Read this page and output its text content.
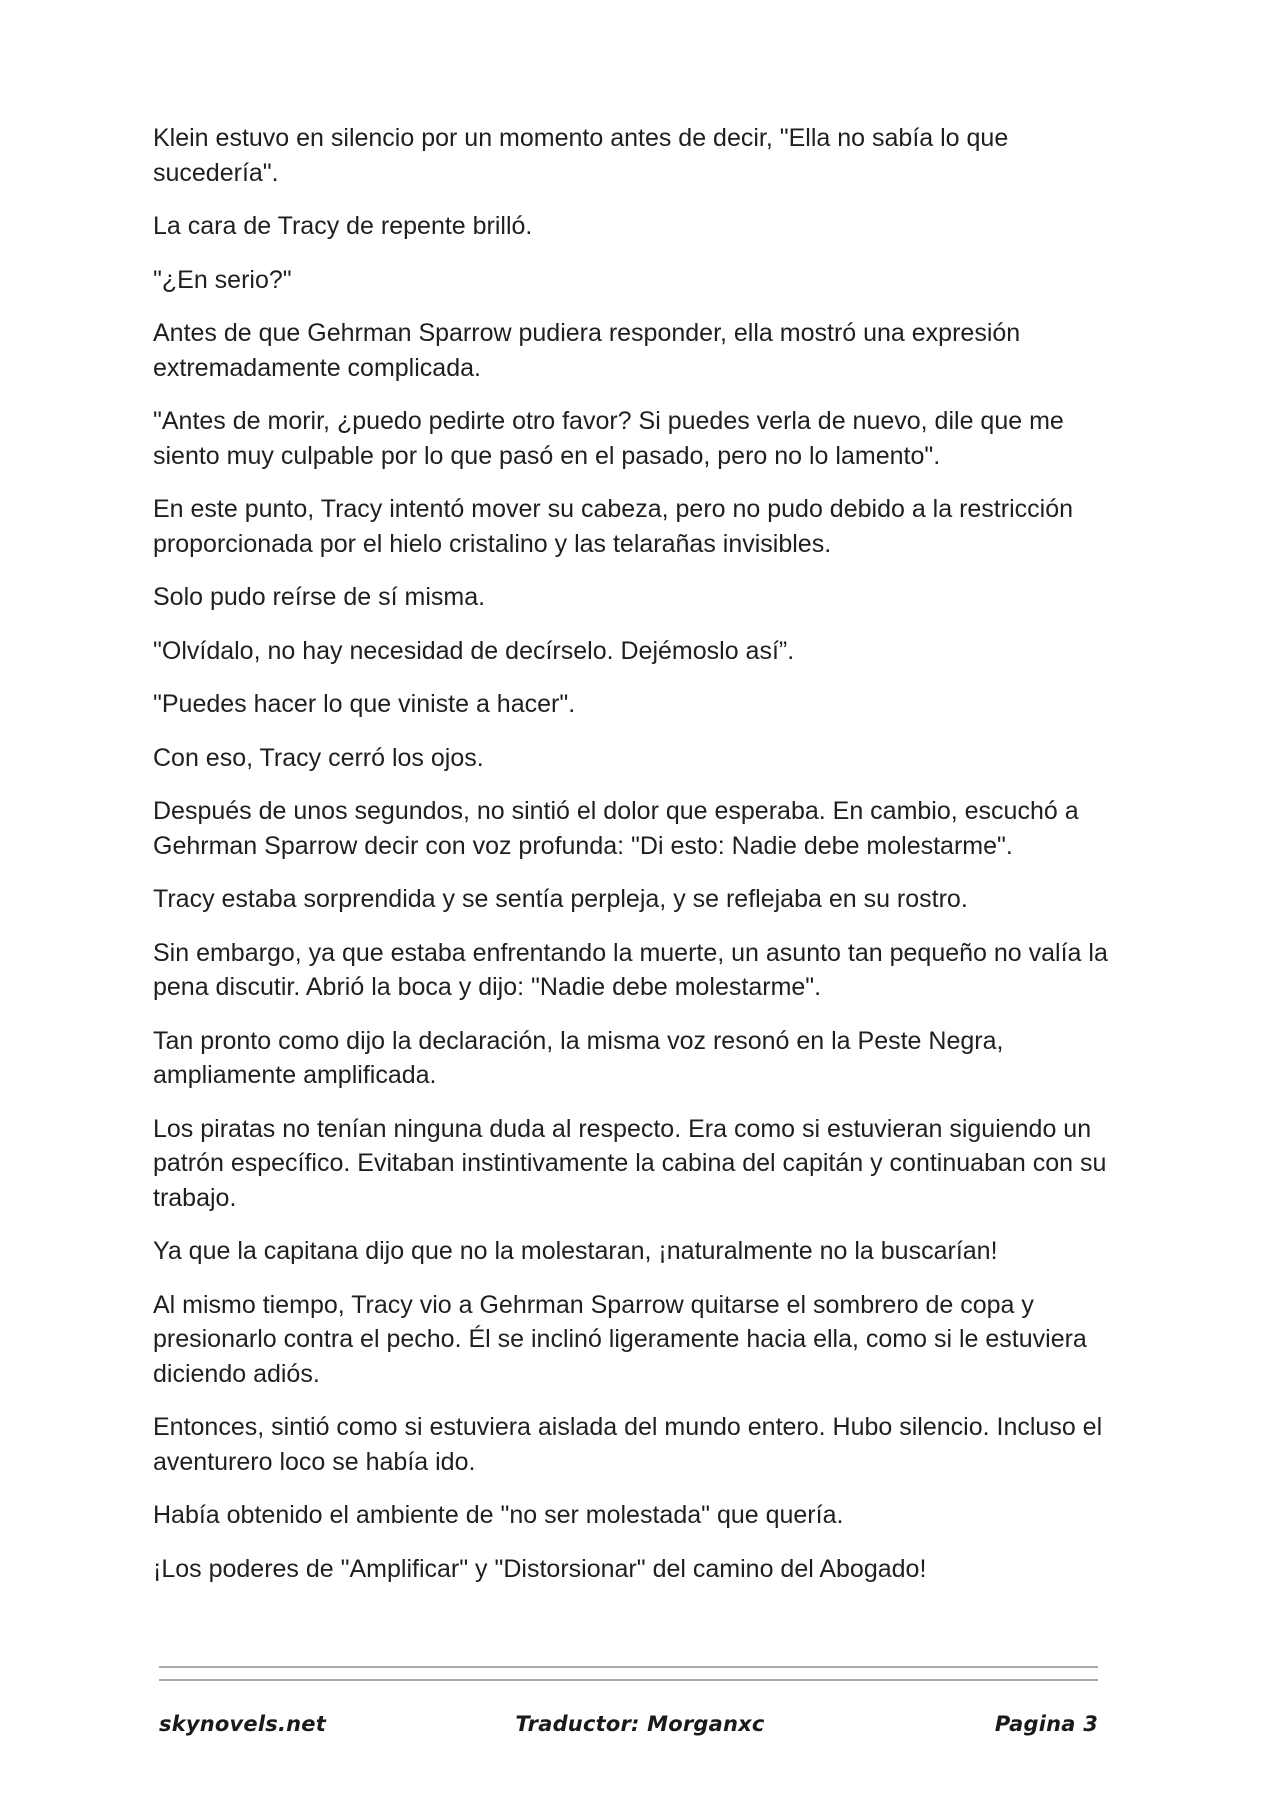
Klein estuvo en silencio por un momento antes de decir, "Ella no sabía lo que sucedería".

La cara de Tracy de repente brilló.

"¿En serio?"

Antes de que Gehrman Sparrow pudiera responder, ella mostró una expresión extremadamente complicada.

"Antes de morir, ¿puedo pedirte otro favor? Si puedes verla de nuevo, dile que me siento muy culpable por lo que pasó en el pasado, pero no lo lamento".

En este punto, Tracy intentó mover su cabeza, pero no pudo debido a la restricción proporcionada por el hielo cristalino y las telarañas invisibles.

Solo pudo reírse de sí misma.

"Olvídalo, no hay necesidad de decírselo. Dejémoslo así”.

"Puedes hacer lo que viniste a hacer".

Con eso, Tracy cerró los ojos.

Después de unos segundos, no sintió el dolor que esperaba. En cambio, escuchó a Gehrman Sparrow decir con voz profunda: "Di esto: Nadie debe molestarme".

Tracy estaba sorprendida y se sentía perpleja, y se reflejaba en su rostro.

Sin embargo, ya que estaba enfrentando la muerte, un asunto tan pequeño no valía la pena discutir. Abrió la boca y dijo: "Nadie debe molestarme".

Tan pronto como dijo la declaración, la misma voz resonó en la Peste Negra, ampliamente amplificada.

Los piratas no tenían ninguna duda al respecto. Era como si estuvieran siguiendo un patrón específico. Evitaban instintivamente la cabina del capitán y continuaban con su trabajo.

Ya que la capitana dijo que no la molestaran, ¡naturalmente no la buscarían!

Al mismo tiempo, Tracy vio a Gehrman Sparrow quitarse el sombrero de copa y presionarlo contra el pecho. Él se inclinó ligeramente hacia ella, como si le estuviera diciendo adiós.

Entonces, sintió como si estuviera aislada del mundo entero. Hubo silencio. Incluso el aventurero loco se había ido.

Había obtenido el ambiente de "no ser molestada" que quería.

¡Los poderes de "Amplificar" y "Distorsionar" del camino del Abogado!

skynovels.net	Traductor: Morganxc	Pagina 3
